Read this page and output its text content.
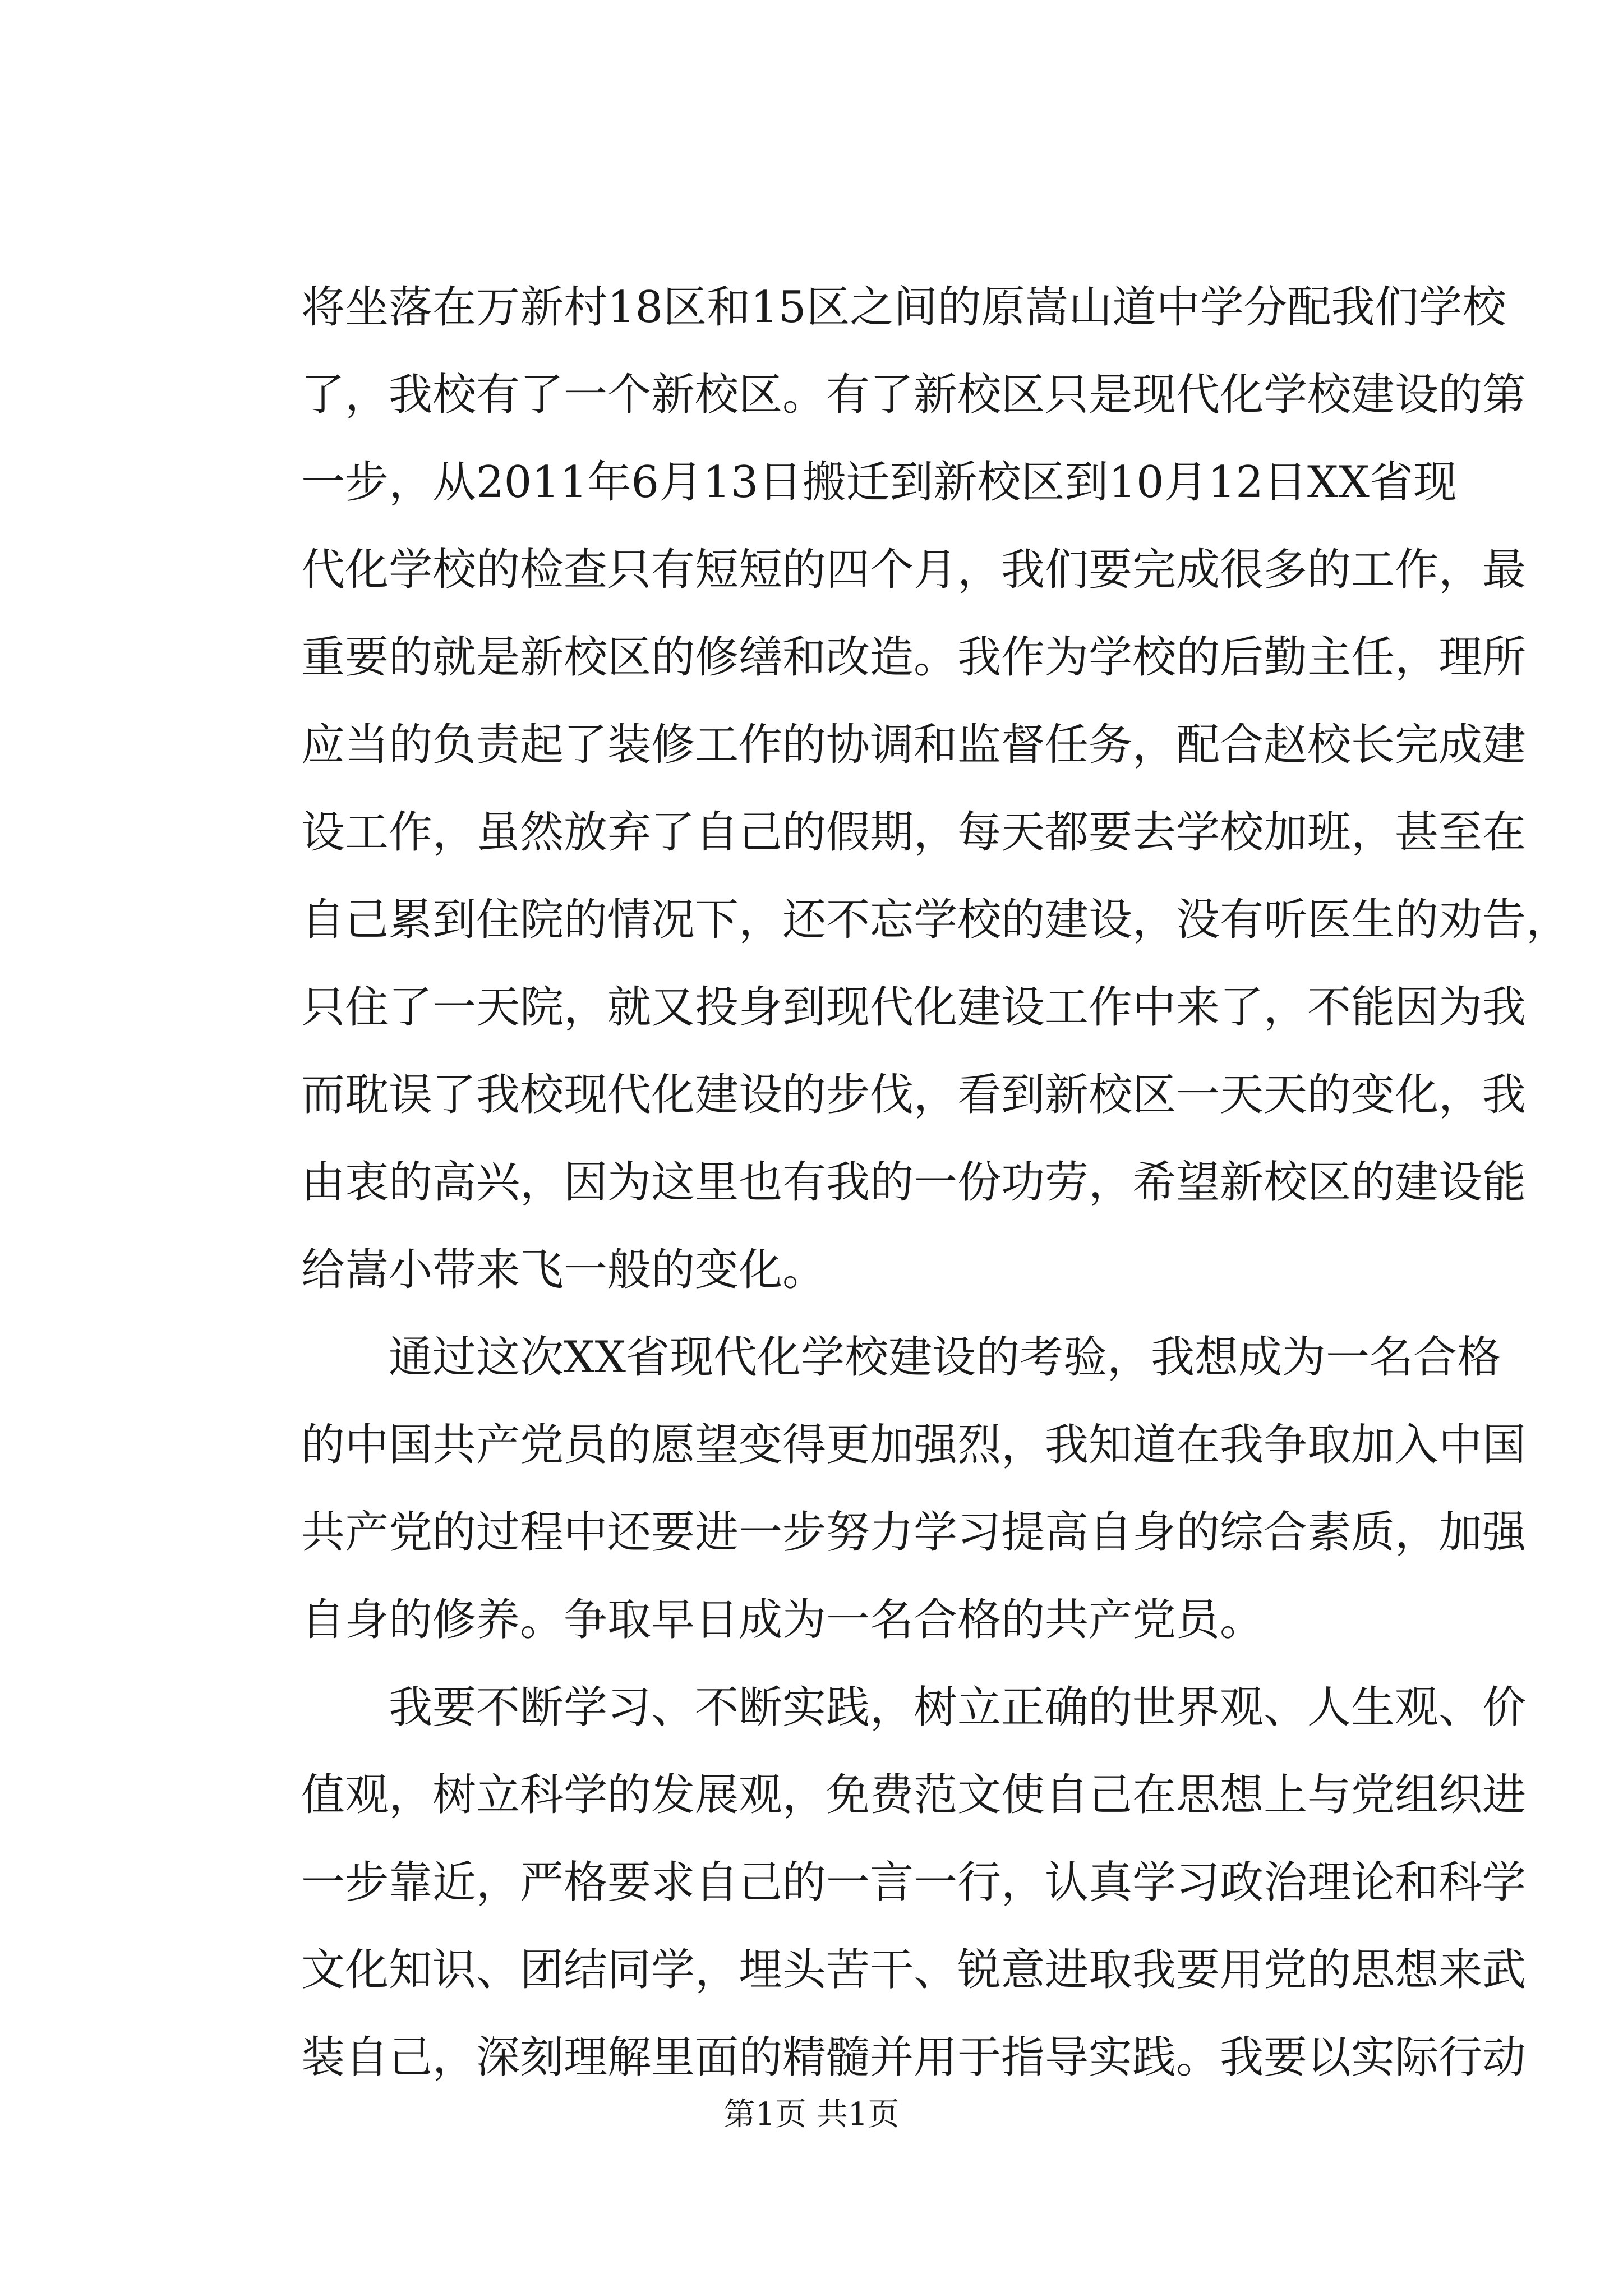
将坐落在万新村18区和15区之间的原嵩山道中学分配我们学校
了，我校有了一个新校区。有了新校区只是现代化学校建设的第
一步，从2011年6月13日搬迁到新校区到10月12日XX省现
代化学校的检查只有短短的四个月，我们要完成很多的工作，最
重要的就是新校区的修缮和改造。我作为学校的后勤主任，理所
应当的负责起了装修工作的协调和监督任务，配合赵校长完成建
设工作，虽然放弃了自己的假期，每天都要去学校加班，甚至在
自己累到住院的情况下，还不忘学校的建设，没有听医生的劝告，
只住了一天院，就又投身到现代化建设工作中来了，不能因为我
而耽误了我校现代化建设的步伐，看到新校区一天天的变化，我
由衷的高兴，因为这里也有我的一份功劳，希望新校区的建设能
给嵩小带来飞一般的变化。
通过这次XX省现代化学校建设的考验，我想成为一名合格
的中国共产党员的愿望变得更加强烈，我知道在我争取加入中国
共产党的过程中还要进一步努力学习提高自身的综合素质，加强
自身的修养。争取早日成为一名合格的共产党员。
我要不断学习、不断实践，树立正确的世界观、人生观、价
值观，树立科学的发展观，免费范文使自己在思想上与党组织进
一步靠近，严格要求自己的一言一行，认真学习政治理论和科学
文化知识、团结同学，埋头苦干、锐意进取我要用党的思想来武
装自己，深刻理解里面的精髓并用于指导实践。我要以实际行动
第1页 共1页
